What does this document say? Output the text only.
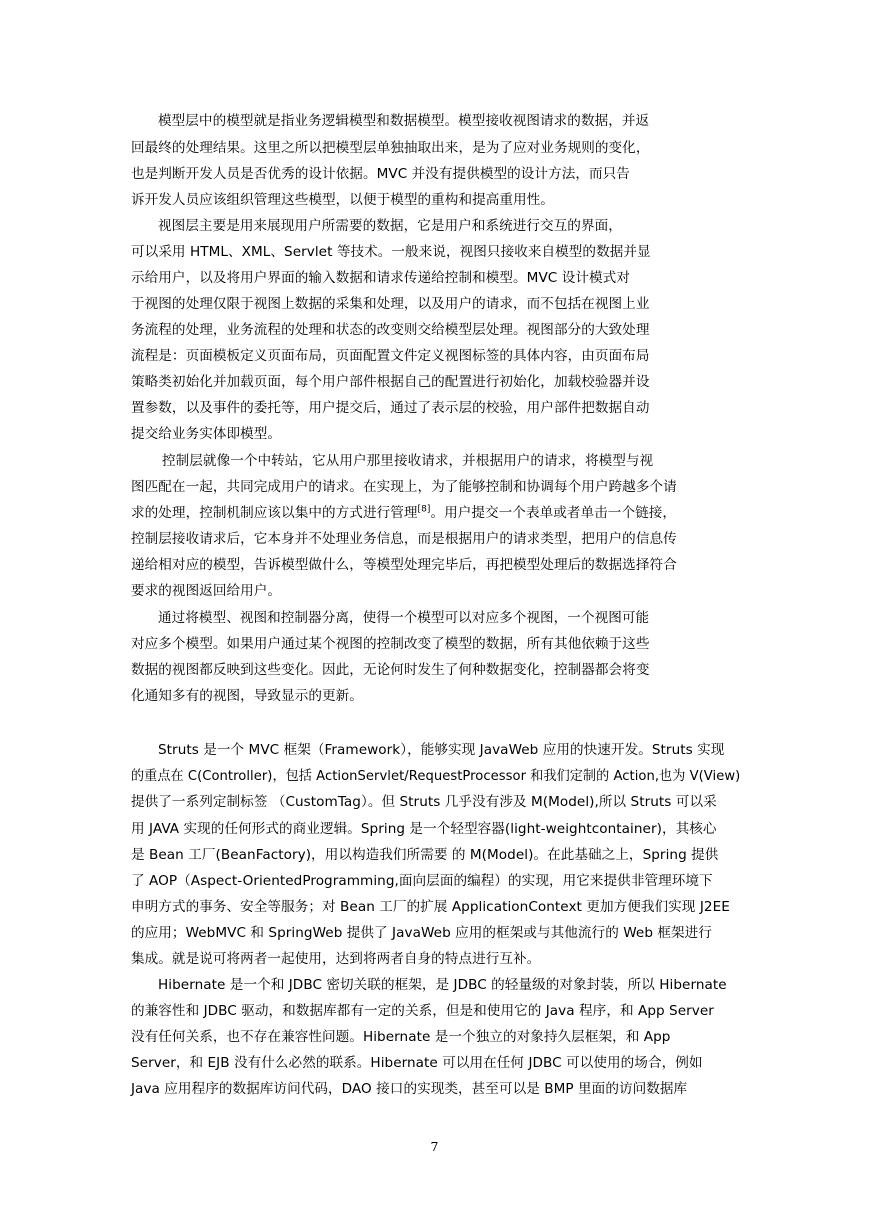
模型层中的模型就是指业务逻辑模型和数据模型。模型接收视图请求的数据，并返
回最终的处理结果。这里之所以把模型层单独抽取出来，是为了应对业务规则的变化，
也是判断开发人员是否优秀的设计依据。MVC 并没有提供模型的设计方法，而只告
诉开发人员应该组织管理这些模型，以便于模型的重构和提高重用性。
视图层主要是用来展现用户所需要的数据，它是用户和系统进行交互的界面，
可以采用 HTML、XML、Servlet 等技术。一般来说，视图只接收来自模型的数据并显
示给用户，以及将用户界面的输入数据和请求传递给控制和模型。MVC 设计模式对
于视图的处理仅限于视图上数据的采集和处理，以及用户的请求，而不包括在视图上业
务流程的处理，业务流程的处理和状态的改变则交给模型层处理。视图部分的大致处理
流程是：页面模板定义页面布局，页面配置文件定义视图标签的具体内容，由页面布局
策略类初始化并加载页面，每个用户部件根据自己的配置进行初始化，加载校验器并设
置参数，以及事件的委托等，用户提交后，通过了表示层的校验，用户部件把数据自动
提交给业务实体即模型。
控制层就像一个中转站，它从用户那里接收请求，并根据用户的请求，将模型与视
图匹配在一起，共同完成用户的请求。在实现上，为了能够控制和协调每个用户跨越多个请
求的处理，控制机制应该以集中的方式进行管理[8]。用户提交一个表单或者单击一个链接，
控制层接收请求后，它本身并不处理业务信息，而是根据用户的请求类型，把用户的信息传
递给相对应的模型，告诉模型做什么，等模型处理完毕后，再把模型处理后的数据选择符合
要求的视图返回给用户。
通过将模型、视图和控制器分离，使得一个模型可以对应多个视图，一个视图可能
对应多个模型。如果用户通过某个视图的控制改变了模型的数据，所有其他依赖于这些
数据的视图都反映到这些变化。因此，无论何时发生了何种数据变化，控制器都会将变
化通知多有的视图，导致显示的更新。
Struts 是一个 MVC 框架（Framework），能够实现 JavaWeb 应用的快速开发。Struts 实现
的重点在 C(Controller)，包括 ActionServlet/RequestProcessor 和我们定制的 Action,也为 V(View)
提供了一系列定制标签 （CustomTag）。但 Struts 几乎没有涉及 M(Model),所以 Struts 可以采
用 JAVA 实现的任何形式的商业逻辑。Spring 是一个轻型容器(light-weightcontainer)，其核心
是 Bean 工厂(BeanFactory)，用以构造我们所需要 的 M(Model)。在此基础之上，Spring 提供
了 AOP（Aspect-OrientedProgramming,面向层面的编程）的实现，用它来提供非管理环境下
申明方式的事务、安全等服务；对 Bean 工厂的扩展 ApplicationContext 更加方便我们实现 J2EE
的应用；WebMVC 和 SpringWeb 提供了 JavaWeb 应用的框架或与其他流行的 Web 框架进行
集成。就是说可将两者一起使用，达到将两者自身的特点进行互补。
Hibernate 是一个和 JDBC 密切关联的框架，是 JDBC 的轻量级的对象封装，所以 Hibernate
的兼容性和 JDBC 驱动，和数据库都有一定的关系，但是和使用它的 Java 程序，和 App Server
没有任何关系，也不存在兼容性问题。Hibernate 是一个独立的对象持久层框架，和 App
Server，和 EJB 没有什么必然的联系。Hibernate 可以用在任何 JDBC 可以使用的场合，例如
Java 应用程序的数据库访问代码，DAO 接口的实现类，甚至可以是 BMP 里面的访问数据库
7
